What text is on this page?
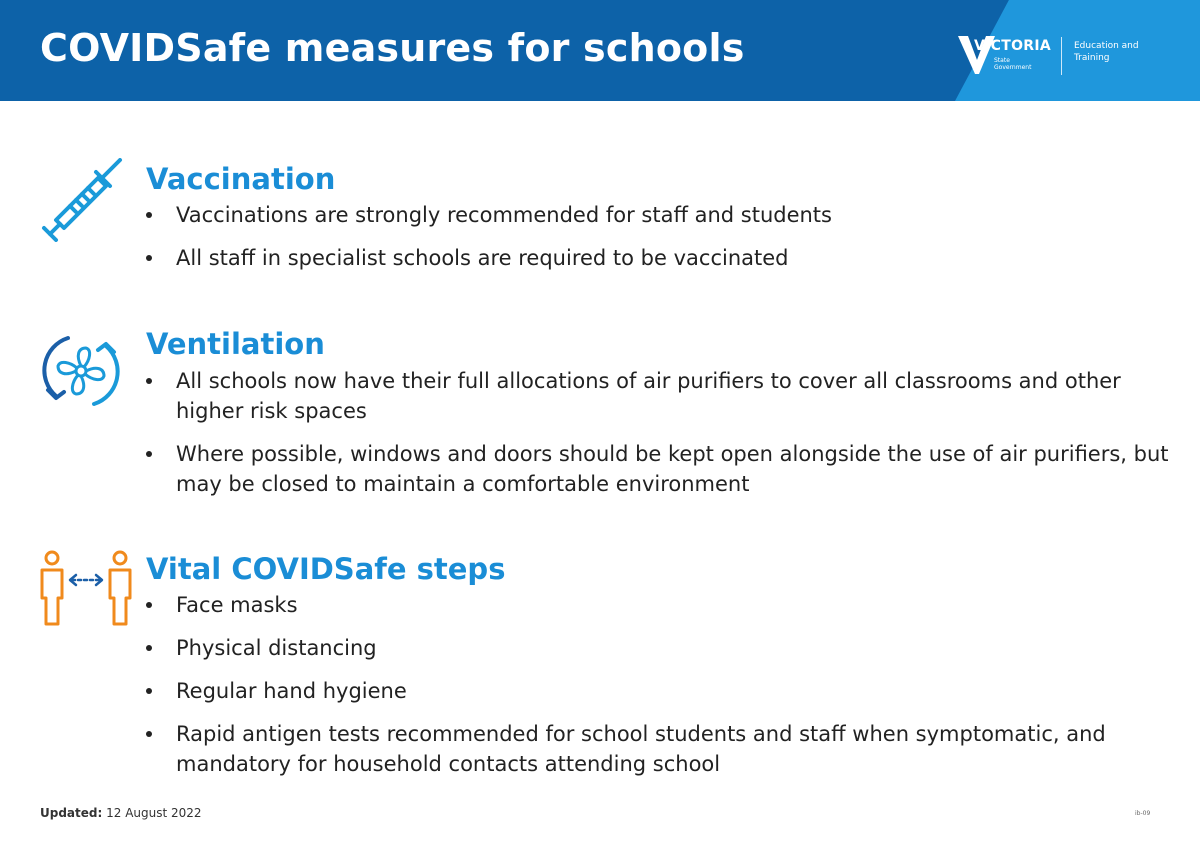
COVIDSafe measures for schools	VICTORIA
State Government
Education and Training
Vaccination
Vaccinations are strongly recommended for staff and students
All staff in specialist schools are required to be vaccinated
Ventilation
All schools now have their full allocations of air purifiers to cover all classrooms and other higher risk spaces
Where possible, windows and doors should be kept open alongside the use of air purifiers, but may be closed to maintain a comfortable environment
Vital COVIDSafe steps
Face masks
Physical distancing
Regular hand hygiene
Rapid antigen tests recommended for school students and staff when symptomatic, and mandatory for household contacts attending school
Updated: 12 August 2022	ib-09
